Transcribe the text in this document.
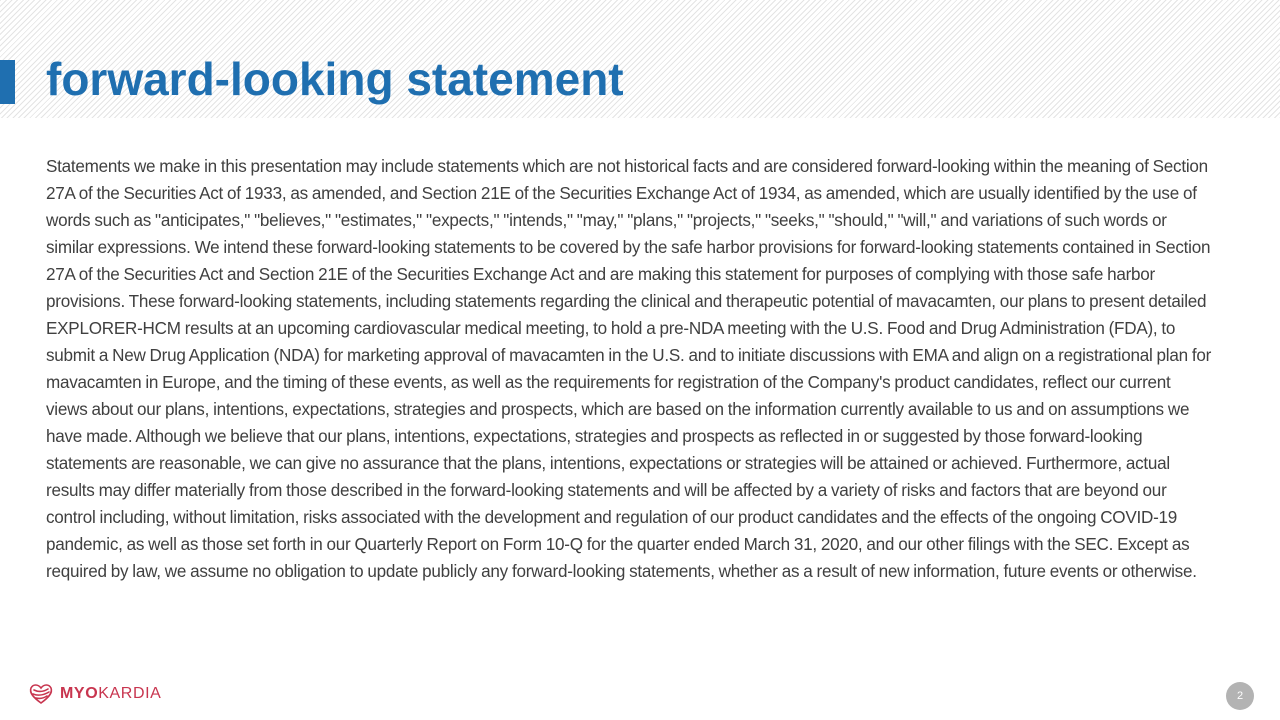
forward-looking statement

Statements we make in this presentation may include statements which are not historical facts and are considered forward-looking within the meaning of Section 27A of the Securities Act of 1933, as amended, and Section 21E of the Securities Exchange Act of 1934, as amended, which are usually identified by the use of words such as "anticipates," "believes," "estimates," "expects," "intends," "may," "plans," "projects," "seeks," "should," "will," and variations of such words or similar expressions. We intend these forward-looking statements to be covered by the safe harbor provisions for forward-looking statements contained in Section 27A of the Securities Act and Section 21E of the Securities Exchange Act and are making this statement for purposes of complying with those safe harbor provisions. These forward-looking statements, including statements regarding the clinical and therapeutic potential of mavacamten, our plans to present detailed EXPLORER-HCM results at an upcoming cardiovascular medical meeting, to hold a pre-NDA meeting with the U.S. Food and Drug Administration (FDA), to submit a New Drug Application (NDA) for marketing approval of mavacamten in the U.S. and to initiate discussions with EMA and align on a registrational plan for mavacamten in Europe, and the timing of these events, as well as the requirements for registration of the Company's product candidates, reflect our current views about our plans, intentions, expectations, strategies and prospects, which are based on the information currently available to us and on assumptions we have made. Although we believe that our plans, intentions, expectations, strategies and prospects as reflected in or suggested by those forward-looking statements are reasonable, we can give no assurance that the plans, intentions, expectations or strategies will be attained or achieved. Furthermore, actual results may differ materially from those described in the forward-looking statements and will be affected by a variety of risks and factors that are beyond our control including, without limitation, risks associated with the development and regulation of our product candidates and the effects of the ongoing COVID-19 pandemic, as well as those set forth in our Quarterly Report on Form 10-Q for the quarter ended March 31, 2020, and our other filings with the SEC. Except as required by law, we assume no obligation to update publicly any forward-looking statements, whether as a result of new information, future events or otherwise.

MYO KARDIA	2
